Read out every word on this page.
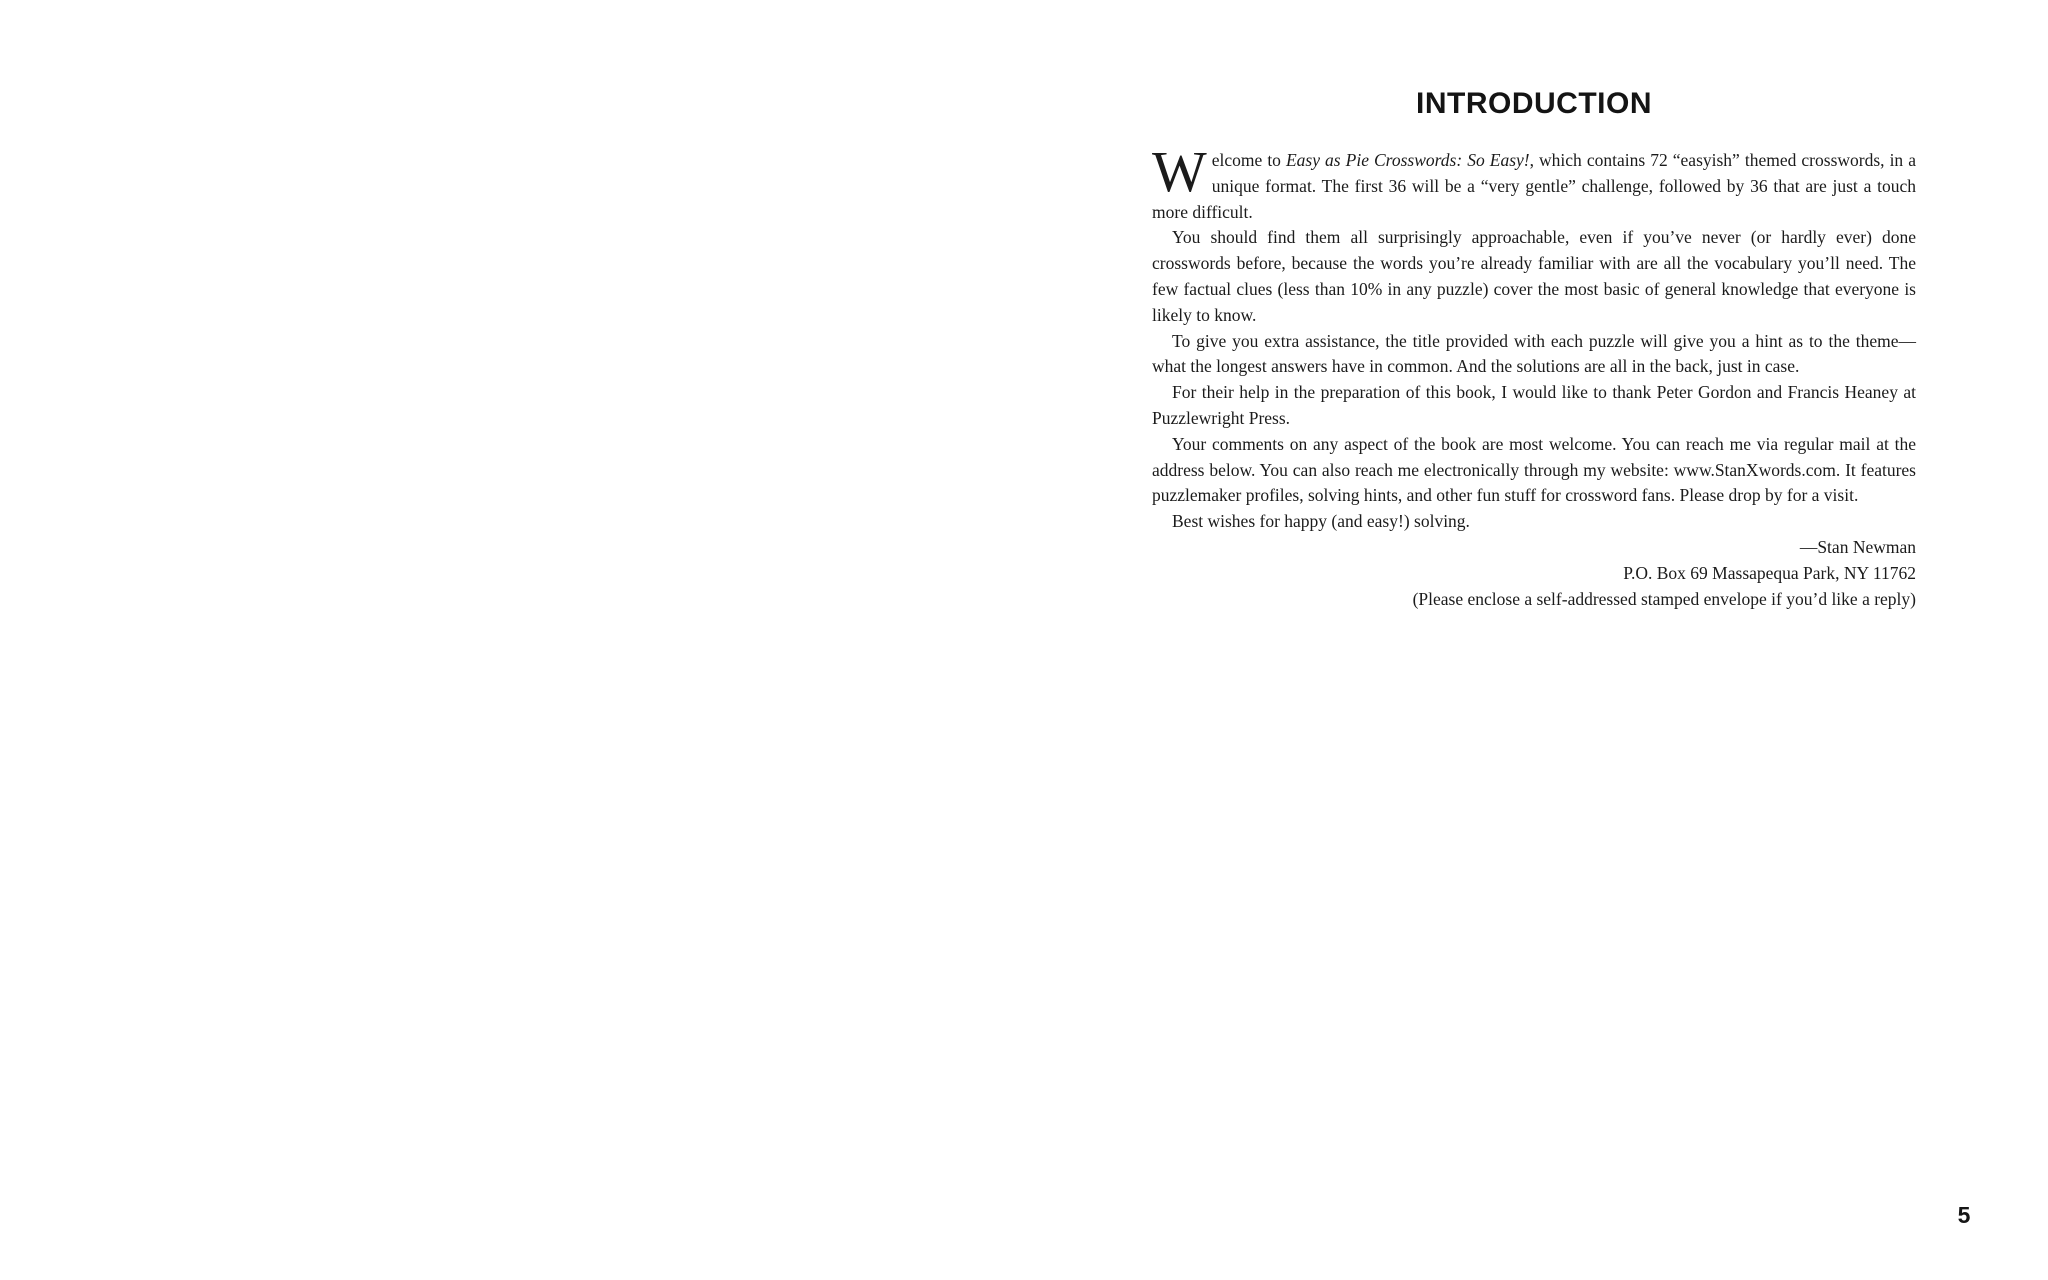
INTRODUCTION

Welcome to Easy as Pie Crosswords: So Easy!, which contains 72 “easyish” themed crosswords, in a unique format. The first 36 will be a “very gentle” challenge, followed by 36 that are just a touch more difficult.

You should find them all surprisingly approachable, even if you’ve never (or hardly ever) done crosswords before, because the words you’re already familiar with are all the vocabulary you’ll need. The few factual clues (less than 10% in any puzzle) cover the most basic of general knowledge that everyone is likely to know.

To give you extra assistance, the title provided with each puzzle will give you a hint as to the theme—what the longest answers have in common. And the solutions are all in the back, just in case.

For their help in the preparation of this book, I would like to thank Peter Gordon and Francis Heaney at Puzzlewright Press.

Your comments on any aspect of the book are most welcome. You can reach me via regular mail at the address below. You can also reach me electronically through my website: www.StanXwords.com. It features puzzlemaker profiles, solving hints, and other fun stuff for crossword fans. Please drop by for a visit.

Best wishes for happy (and easy!) solving.

—Stan Newman

P.O. Box 69 Massapequa Park, NY 11762

(Please enclose a self-addressed stamped envelope if you’d like a reply)

5
